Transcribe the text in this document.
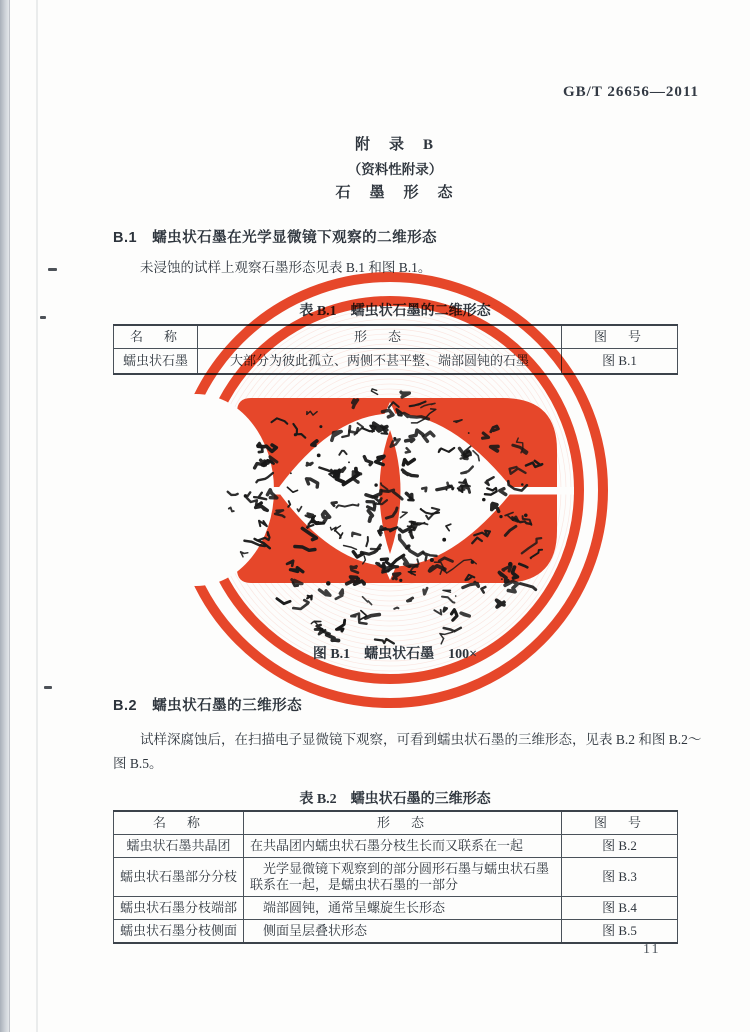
GB/T 26656—2011
附　录　B
（资料性附录）
石　墨　形　态
B.1　蠕虫状石墨在光学显微镜下观察的二维形态
未浸蚀的试样上观察石墨形态见表 B.1 和图 B.1。
表 B.1　蠕虫状石墨的二维形态
名　称	形　态	图　号
蠕虫状石墨	大部分为彼此孤立、两侧不甚平整、端部圆钝的石墨	图 B.1
图 B.1　蠕虫状石墨　100×
B.2　蠕虫状石墨的三维形态
试样深腐蚀后，在扫描电子显微镜下观察，可看到蠕虫状石墨的三维形态，见表 B.2 和图 B.2～图 B.5。
表 B.2　蠕虫状石墨的三维形态
名　称	形　态	图　号
蠕虫状石墨共晶团	在共晶团内蠕虫状石墨分枝生长而又联系在一起	图 B.2
蠕虫状石墨部分分枝	光学显微镜下观察到的部分圆形石墨与蠕虫状石墨联系在一起，是蠕虫状石墨的一部分	图 B.3
蠕虫状石墨分枝端部	端部圆钝，通常呈螺旋生长形态	图 B.4
蠕虫状石墨分枝侧面	侧面呈层叠状形态	图 B.5
11
